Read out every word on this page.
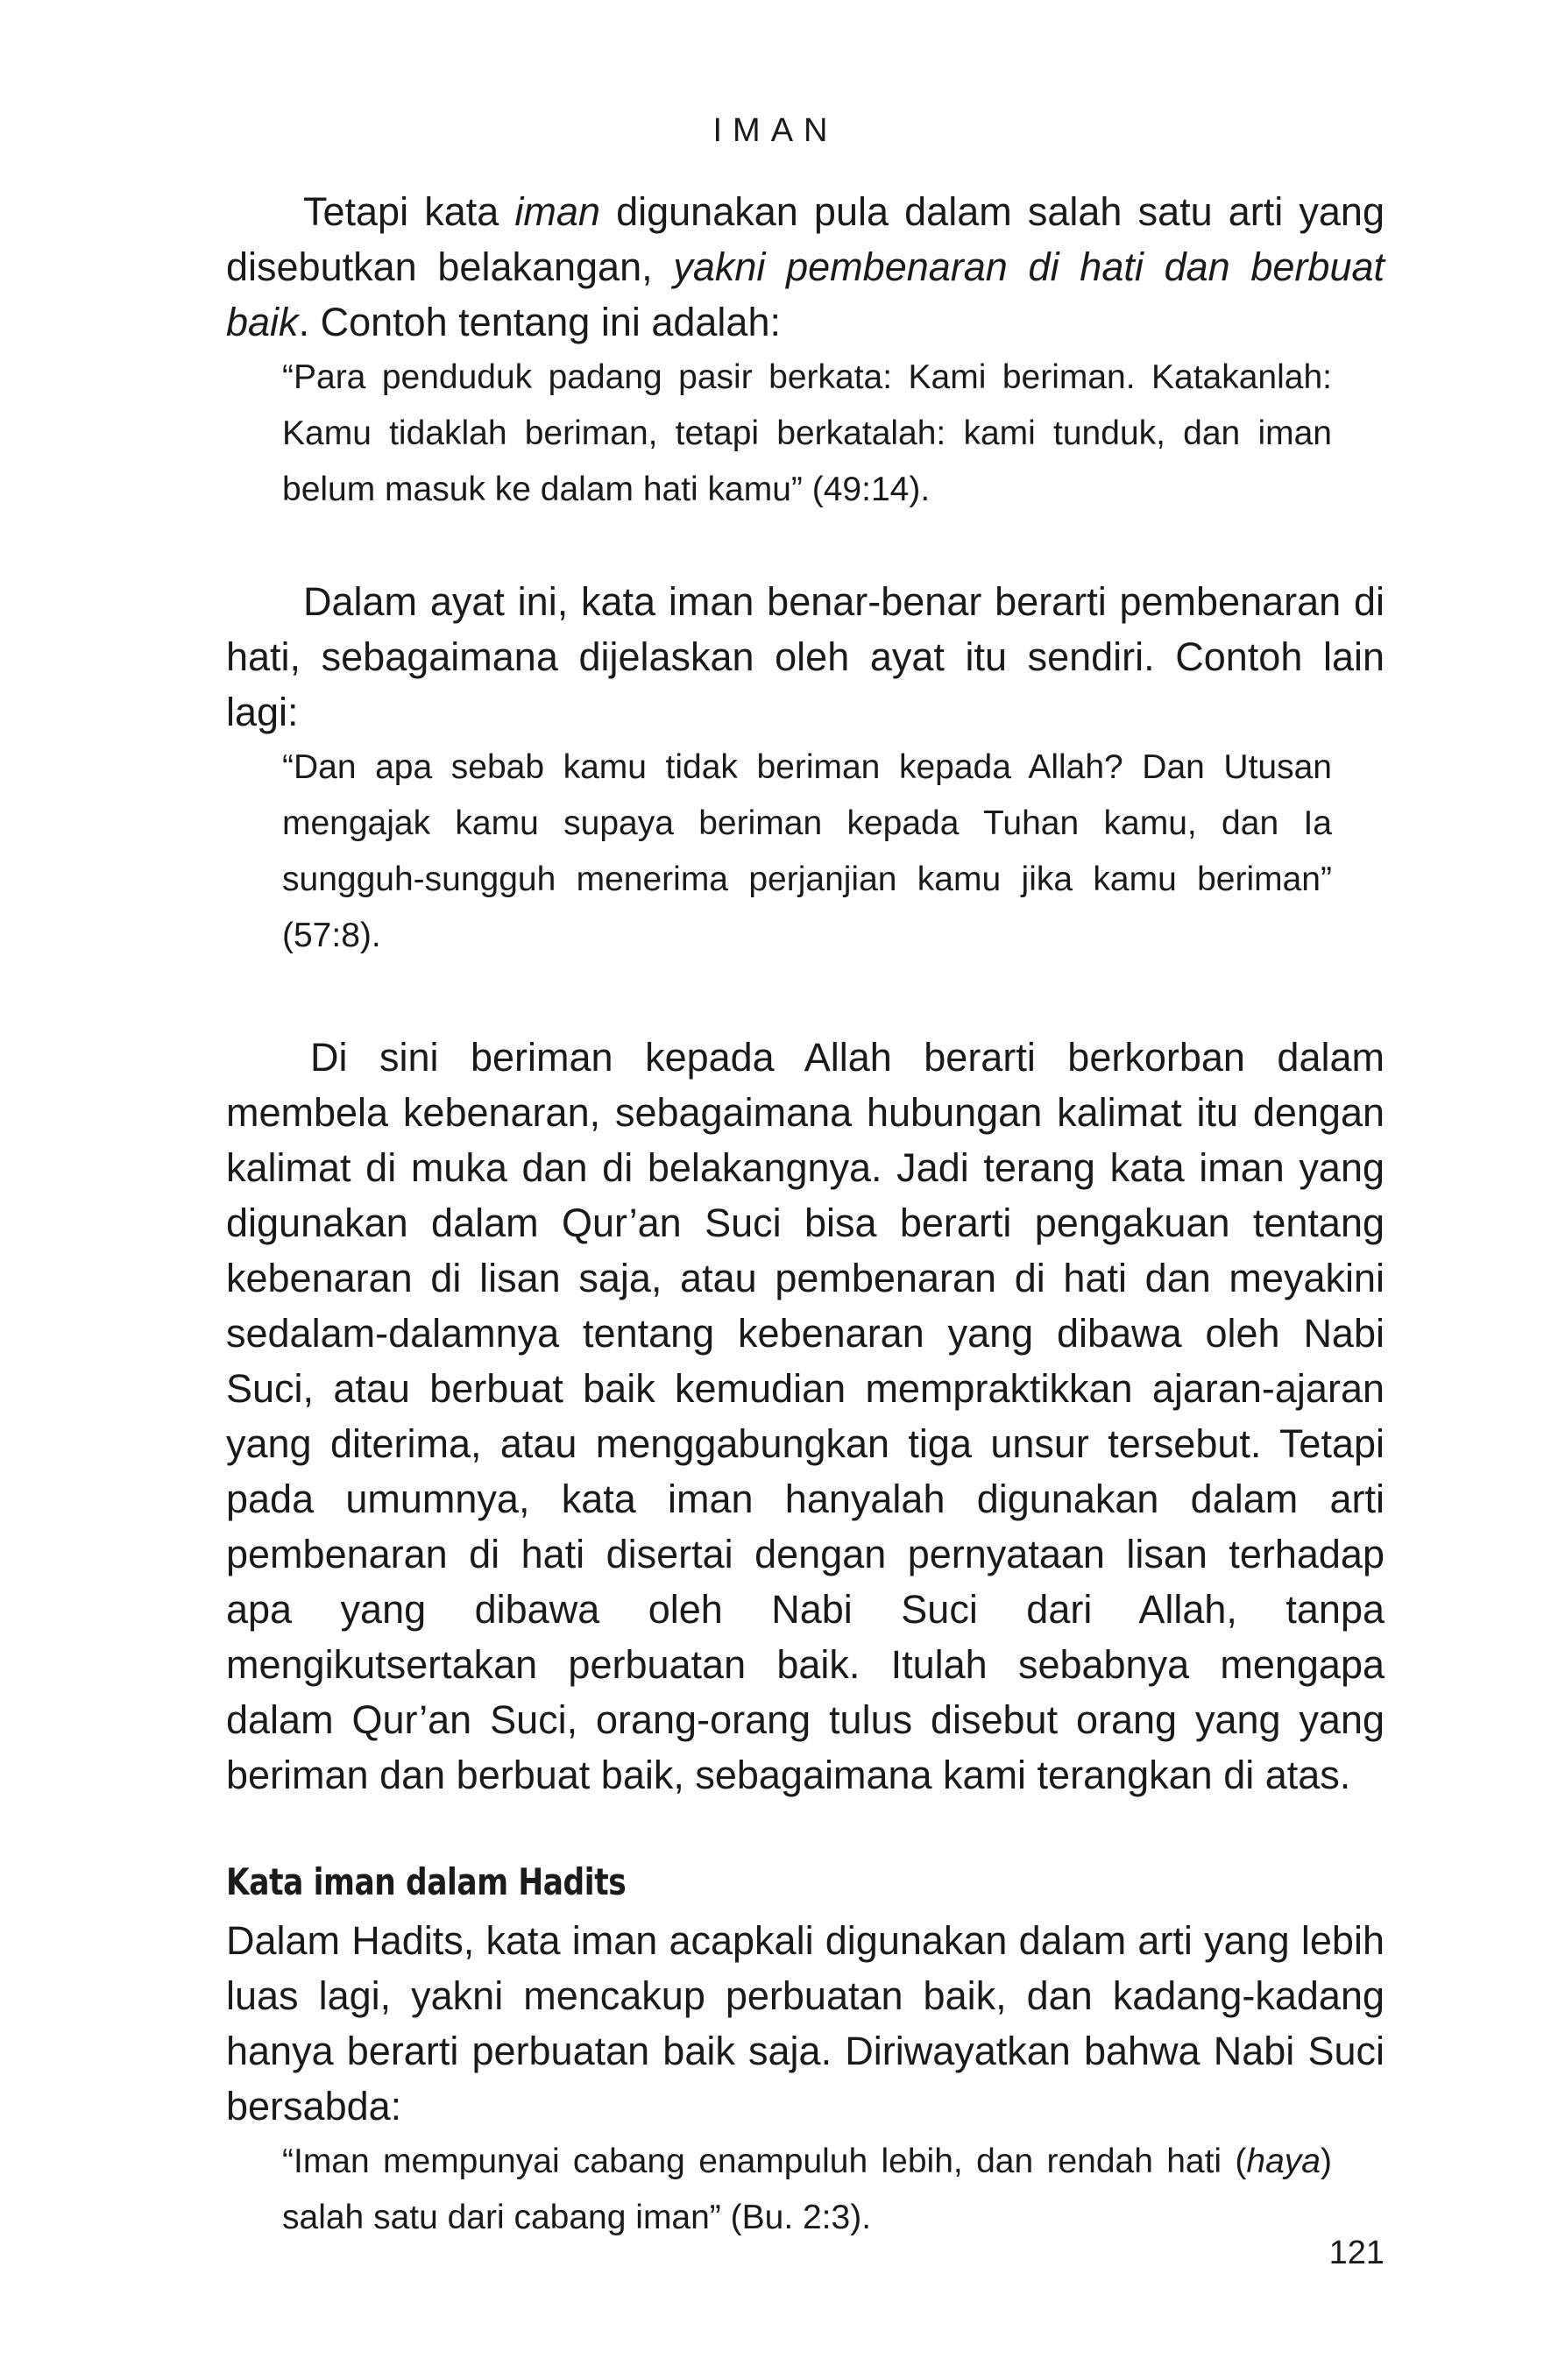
IMAN

Tetapi kata iman digunakan pula dalam salah satu arti yang disebutkan belakangan, yakni pembenaran di hati dan berbuat baik. Contoh tentang ini adalah:

“Para penduduk padang pasir berkata: Kami beriman. Katakanlah: Kamu tidaklah beriman, tetapi berkatalah: kami tunduk, dan iman belum masuk ke dalam hati kamu” (49:14).

Dalam ayat ini, kata iman benar-benar berarti pembenaran di hati, sebagaimana dijelaskan oleh ayat itu sendiri. Contoh lain lagi:

“Dan apa sebab kamu tidak beriman kepada Allah? Dan Utusan mengajak kamu supaya beriman kepada Tuhan kamu, dan Ia sungguh-sungguh menerima perjanjian kamu jika kamu beriman” (57:8).

Di sini beriman kepada Allah berarti berkorban dalam membela kebenaran, sebagaimana hubungan kalimat itu dengan kalimat di muka dan di belakangnya. Jadi terang kata iman yang digunakan dalam Qur’an Suci bisa berarti pengakuan tentang kebenaran di lisan saja, atau pembenaran di hati dan meyakini sedalam-dalamnya tentang kebenaran yang dibawa oleh Nabi Suci, atau berbuat baik kemudian mempraktikkan ajaran-ajaran yang diterima, atau menggabungkan tiga unsur tersebut. Tetapi pada umumnya, kata iman hanyalah digunakan dalam arti pembenaran di hati disertai dengan pernyataan lisan terhadap apa yang dibawa oleh Nabi Suci dari Allah, tanpa mengikutsertakan perbuatan baik. Itulah sebabnya mengapa dalam Qur’an Suci, orang-orang tulus disebut orang yang yang beriman dan berbuat baik, sebagaimana kami terangkan di atas.

Kata iman dalam Hadits

Dalam Hadits, kata iman acapkali digunakan dalam arti yang lebih luas lagi, yakni mencakup perbuatan baik, dan kadang-kadang hanya berarti perbuatan baik saja. Diriwayatkan bahwa Nabi Suci bersabda:

“Iman mempunyai cabang enampuluh lebih, dan rendah hati (haya) salah satu dari cabang iman” (Bu. 2:3).

121
